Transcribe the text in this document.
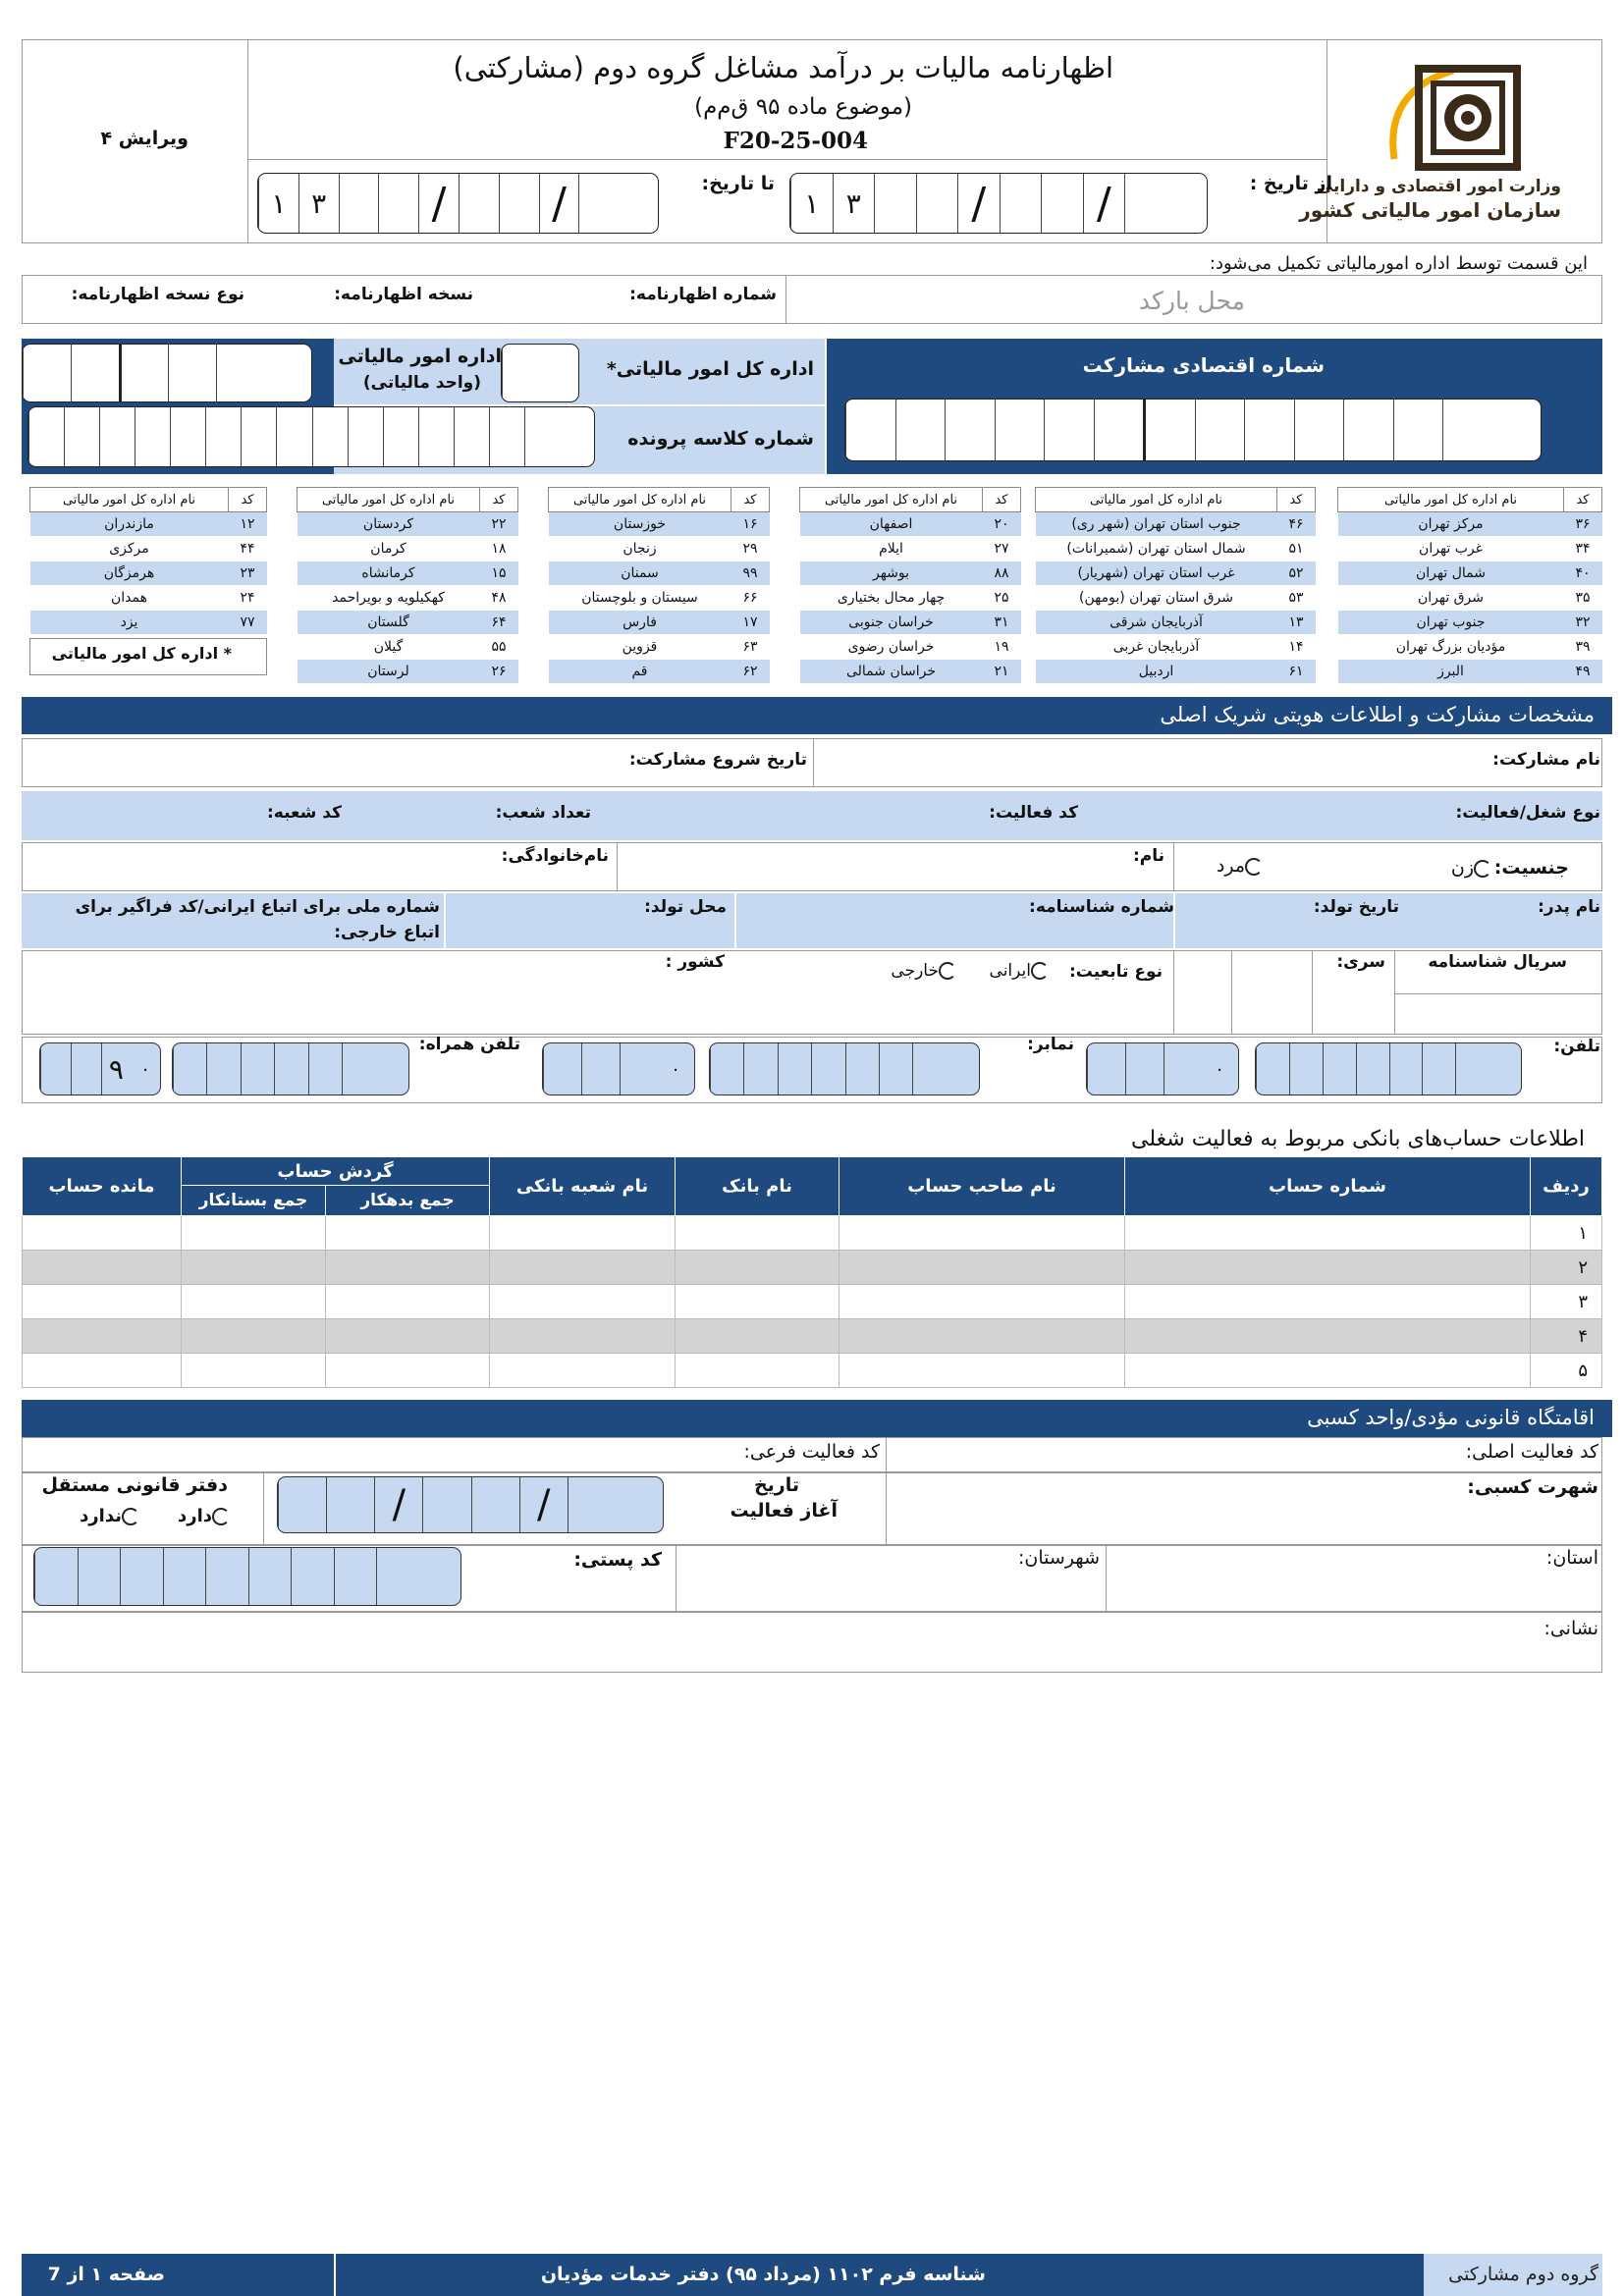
وزارت امور اقتصادی و دارایی
سازمان امور مالیاتی کشور
اظهارنامه مالیات بر درآمد مشاغل گروه دوم (مشارکتی)
(موضوع ماده ۹۵ ق‌م‌م)
F20-25-004
ویرایش ۴
از تاریخ :
تا تاریخ:
۱ ۳	/	/
۱ ۳	/	/
این قسمت توسط اداره امورمالیاتی تکمیل می‌شود:
محل بارکد
شماره اظهارنامه:
نسخه اظهارنامه:
نوع نسخه اظهارنامه:
شماره اقتصادی مشارکت
اداره کل امور مالیاتی*
شماره کلاسه پرونده
اداره امور مالیاتی
(واحد مالیاتی)
کد	نام اداره کل امور مالیاتی
۳۶	مرکز تهران
۳۴	غرب تهران
۴۰	شمال تهران
۳۵	شرق تهران
۳۲	جنوب تهران
۳۹	مؤدیان بزرگ تهران
۴۹	البرز
کد	نام اداره کل امور مالیاتی
۴۶	جنوب استان تهران (شهر ری)
۵۱	شمال استان تهران (شمیرانات)
۵۲	غرب استان تهران (شهریار)
۵۳	شرق استان تهران (بومهن)
۱۳	آذربایجان شرقی
۱۴	آذربایجان غربی
۶۱	اردبیل
کد	نام اداره کل امور مالیاتی
۲۰	اصفهان
۲۷	ایلام
۸۸	بوشهر
۲۵	چهار محال بختیاری
۳۱	خراسان جنوبی
۱۹	خراسان رضوی
۲۱	خراسان شمالی
کد	نام اداره کل امور مالیاتی
۱۶	خوزستان
۲۹	زنجان
۹۹	سمنان
۶۶	سیستان و بلوچستان
۱۷	فارس
۶۳	قزوین
۶۲	قم
کد	نام اداره کل امور مالیاتی
۲۲	کردستان
۱۸	کرمان
۱۵	کرمانشاه
۴۸	کهکیلویه و بویراحمد
۶۴	گلستان
۵۵	گیلان
۲۶	لرستان
کد	نام اداره کل امور مالیاتی
۱۲	مازندران
۴۴	مرکزی
۲۳	هرمزگان
۲۴	همدان
۷۷	یزد
* اداره کل امور مالیاتی
مشخصات مشارکت و اطلاعات هویتی شریک اصلی
نام مشارکت:
تاریخ شروع مشارکت:
نوع شغل/فعالیت:
کد فعالیت:
تعداد شعب:
کد شعبه:
جنسیت:
زن
مرد
نام:
نام‌خانوادگی:
نام پدر:
تاریخ تولد:
شماره شناسنامه:
محل تولد:
شماره ملی برای اتباع ایرانی/کد فراگیر برای
اتباع خارجی:
سریال شناسنامه
سری:
نوع تابعیت:
ایرانی
خارجی
کشور :
تلفن:
۰
نمابر:
۰
تلفن همراه:
۹ ۰
اطلاعات حساب‌های بانکی مربوط به فعالیت شغلی
ردیف	شماره حساب	نام صاحب حساب	نام بانک	نام شعبه بانکی	گردش حساب		مانده حساب
					جمع بدهکار	جمع بستانکار	
۱							
۲							
۳							
۴							
۵							
اقامتگاه قانونی مؤدی/واحد کسبی
کد فعالیت اصلی:
کد فعالیت فرعی:
شهرت کسبی:
تاریخ
آغاز فعالیت
/	/
دفتر قانونی مستقل
دارد
ندارد
استان:
شهرستان:
کد پستی:
نشانی:
گروه دوم مشارکتی
شناسه فرم ۱۱۰۲ (مرداد ۹۵) دفتر خدمات مؤدیان
صفحه ۱ از 7
